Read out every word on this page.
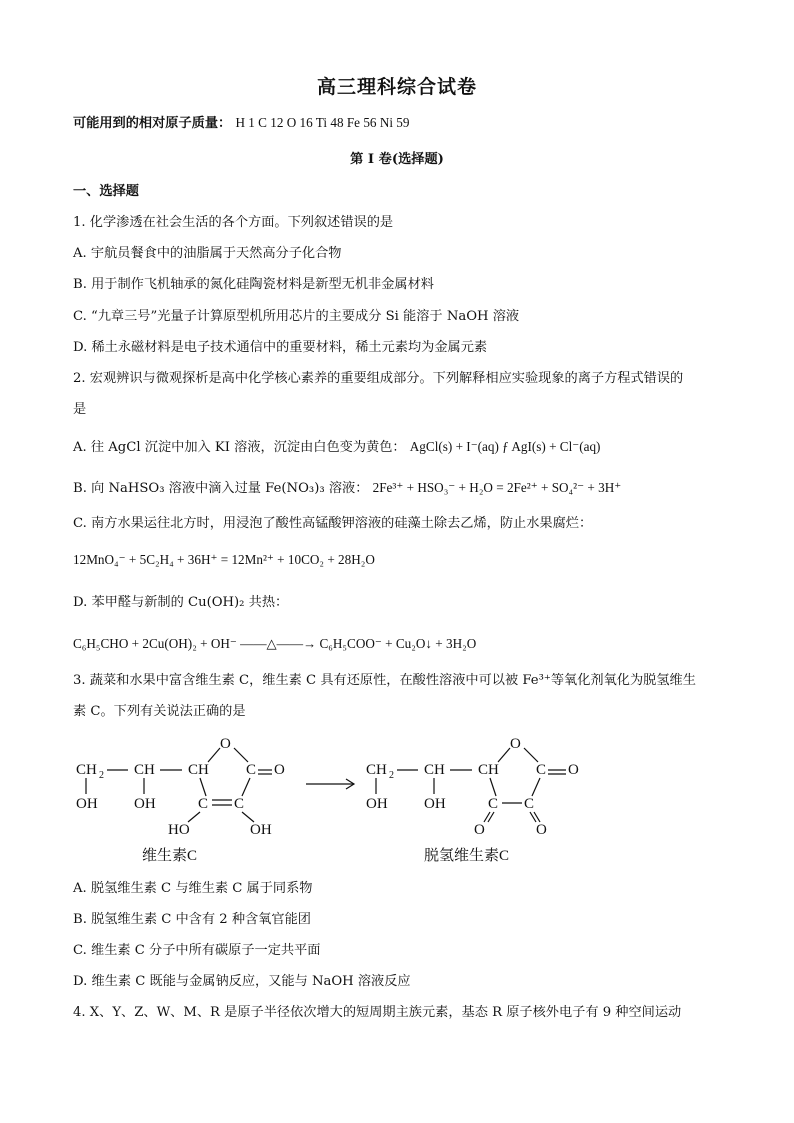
高三理科综合试卷
可能用到的相对原子质量： H 1 C 12 O 16 Ti 48 Fe 56 Ni 59
第 I 卷(选择题)
一、选择题
1. 化学渗透在社会生活的各个方面。下列叙述错误的是
A. 宇航员餐食中的油脂属于天然高分子化合物
B. 用于制作飞机轴承的氮化硅陶瓷材料是新型无机非金属材料
C. “九章三号”光量子计算原型机所用芯片的主要成分 Si 能溶于 NaOH 溶液
D. 稀土永磁材料是电子技术通信中的重要材料，稀土元素均为金属元素
2. 宏观辨识与微观探析是高中化学核心素养的重要组成部分。下列解释相应实验现象的离子方程式错误的
是
A. 往 AgCl 沉淀中加入 KI 溶液，沉淀由白色变为黄色： AgCl(s) + I⁻(aq) ƒ AgI(s) + Cl⁻(aq)
B. 向 NaHSO₃ 溶液中滴入过量 Fe(NO₃)₃ 溶液： 2Fe³⁺ + HSO₃⁻ + H₂O = 2Fe²⁺ + SO₄²⁻ + 3H⁺
C. 南方水果运往北方时，用浸泡了酸性高锰酸钾溶液的硅藻土除去乙烯，防止水果腐烂：
12MnO₄⁻ + 5C₂H₄ + 36H⁺ = 12Mn²⁺ + 10CO₂ + 28H₂O
D. 苯甲醛与新制的 Cu(OH)₂ 共热：
C₆H₅CHO + 2Cu(OH)₂ + OH⁻ ——△——→ C₆H₅COO⁻ + Cu₂O↓ + 3H₂O
3. 蔬菜和水果中富含维生素 C，维生素 C 具有还原性，在酸性溶液中可以被 Fe³⁺等氧化剂氧化为脱氢维生
素 C。下列有关说法正确的是
CH 2 CH CH
OH OH
O
C O
C C
HO	OH
维生素C
CH 2 CH CH
OH OH
O
C O
C C
O	O
脱氢维生素C
A. 脱氢维生素 C 与维生素 C 属于同系物
B. 脱氢维生素 C 中含有 2 种含氧官能团
C. 维生素 C 分子中所有碳原子一定共平面
D. 维生素 C 既能与金属钠反应，又能与 NaOH 溶液反应
4. X、Y、Z、W、M、R 是原子半径依次增大的短周期主族元素，基态 R 原子核外电子有 9 种空间运动
